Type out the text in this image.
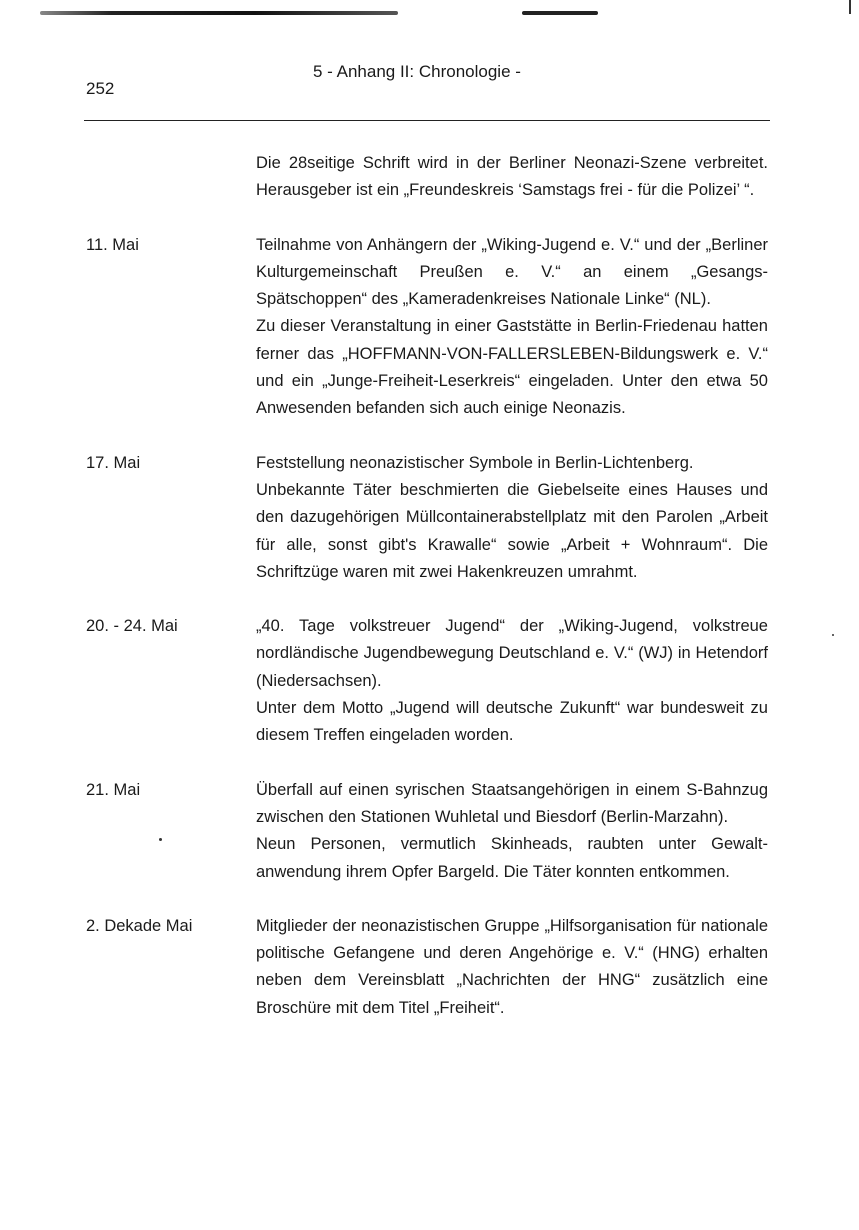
252
5 - Anhang II: Chronologie -

Die 28seitige Schrift wird in der Berliner Neonazi-Szene verbreitet. Herausgeber ist ein „Freundeskreis ‘Samstags frei - für die Polizei’ “.

11. Mai	Teilnahme von Anhängern der „Wiking-Jugend e. V.“ und der „Berliner Kulturgemeinschaft Preußen e. V.“ an einem „Gesangs-Spätschoppen“ des „Kameradenkreises Nationale Linke“ (NL).

Zu dieser Veranstaltung in einer Gaststätte in Berlin-Friedenau hatten ferner das „HOFFMANN-VON-FALLERSLEBEN-Bildungswerk e. V.“ und ein „Junge-Freiheit-Leserkreis“ eingeladen. Unter den etwa 50 Anwesenden befanden sich auch einige Neonazis.

17. Mai	Feststellung neonazistischer Symbole in Berlin-Lichtenberg.

Unbekannte Täter beschmierten die Giebelseite eines Hauses und den dazugehörigen Müllcontainerabstellplatz mit den Parolen „Arbeit für alle, sonst gibt's Krawalle“ sowie „Arbeit + Wohnraum“. Die Schriftzüge waren mit zwei Hakenkreuzen umrahmt.

20. - 24. Mai	„40. Tage volkstreuer Jugend“ der „Wiking-Jugend, volkstreue nordländische Jugendbewegung Deutschland e. V.“ (WJ) in Hetendorf (Niedersachsen).

Unter dem Motto „Jugend will deutsche Zukunft“ war bundesweit zu diesem Treffen eingeladen worden.

21. Mai	Überfall auf einen syrischen Staatsangehörigen in einem S-Bahnzug zwischen den Stationen Wuhletal und Biesdorf (Berlin-Marzahn).

Neun Personen, vermutlich Skinheads, raubten unter Gewaltanwendung ihrem Opfer Bargeld. Die Täter konnten entkommen.

2. Dekade Mai	Mitglieder der neonazistischen Gruppe „Hilfsorganisation für nationale politische Gefangene und deren Angehörige e. V.“ (HNG) erhalten neben dem Vereinsblatt „Nachrichten der HNG“ zusätzlich eine Broschüre mit dem Titel „Freiheit“.
